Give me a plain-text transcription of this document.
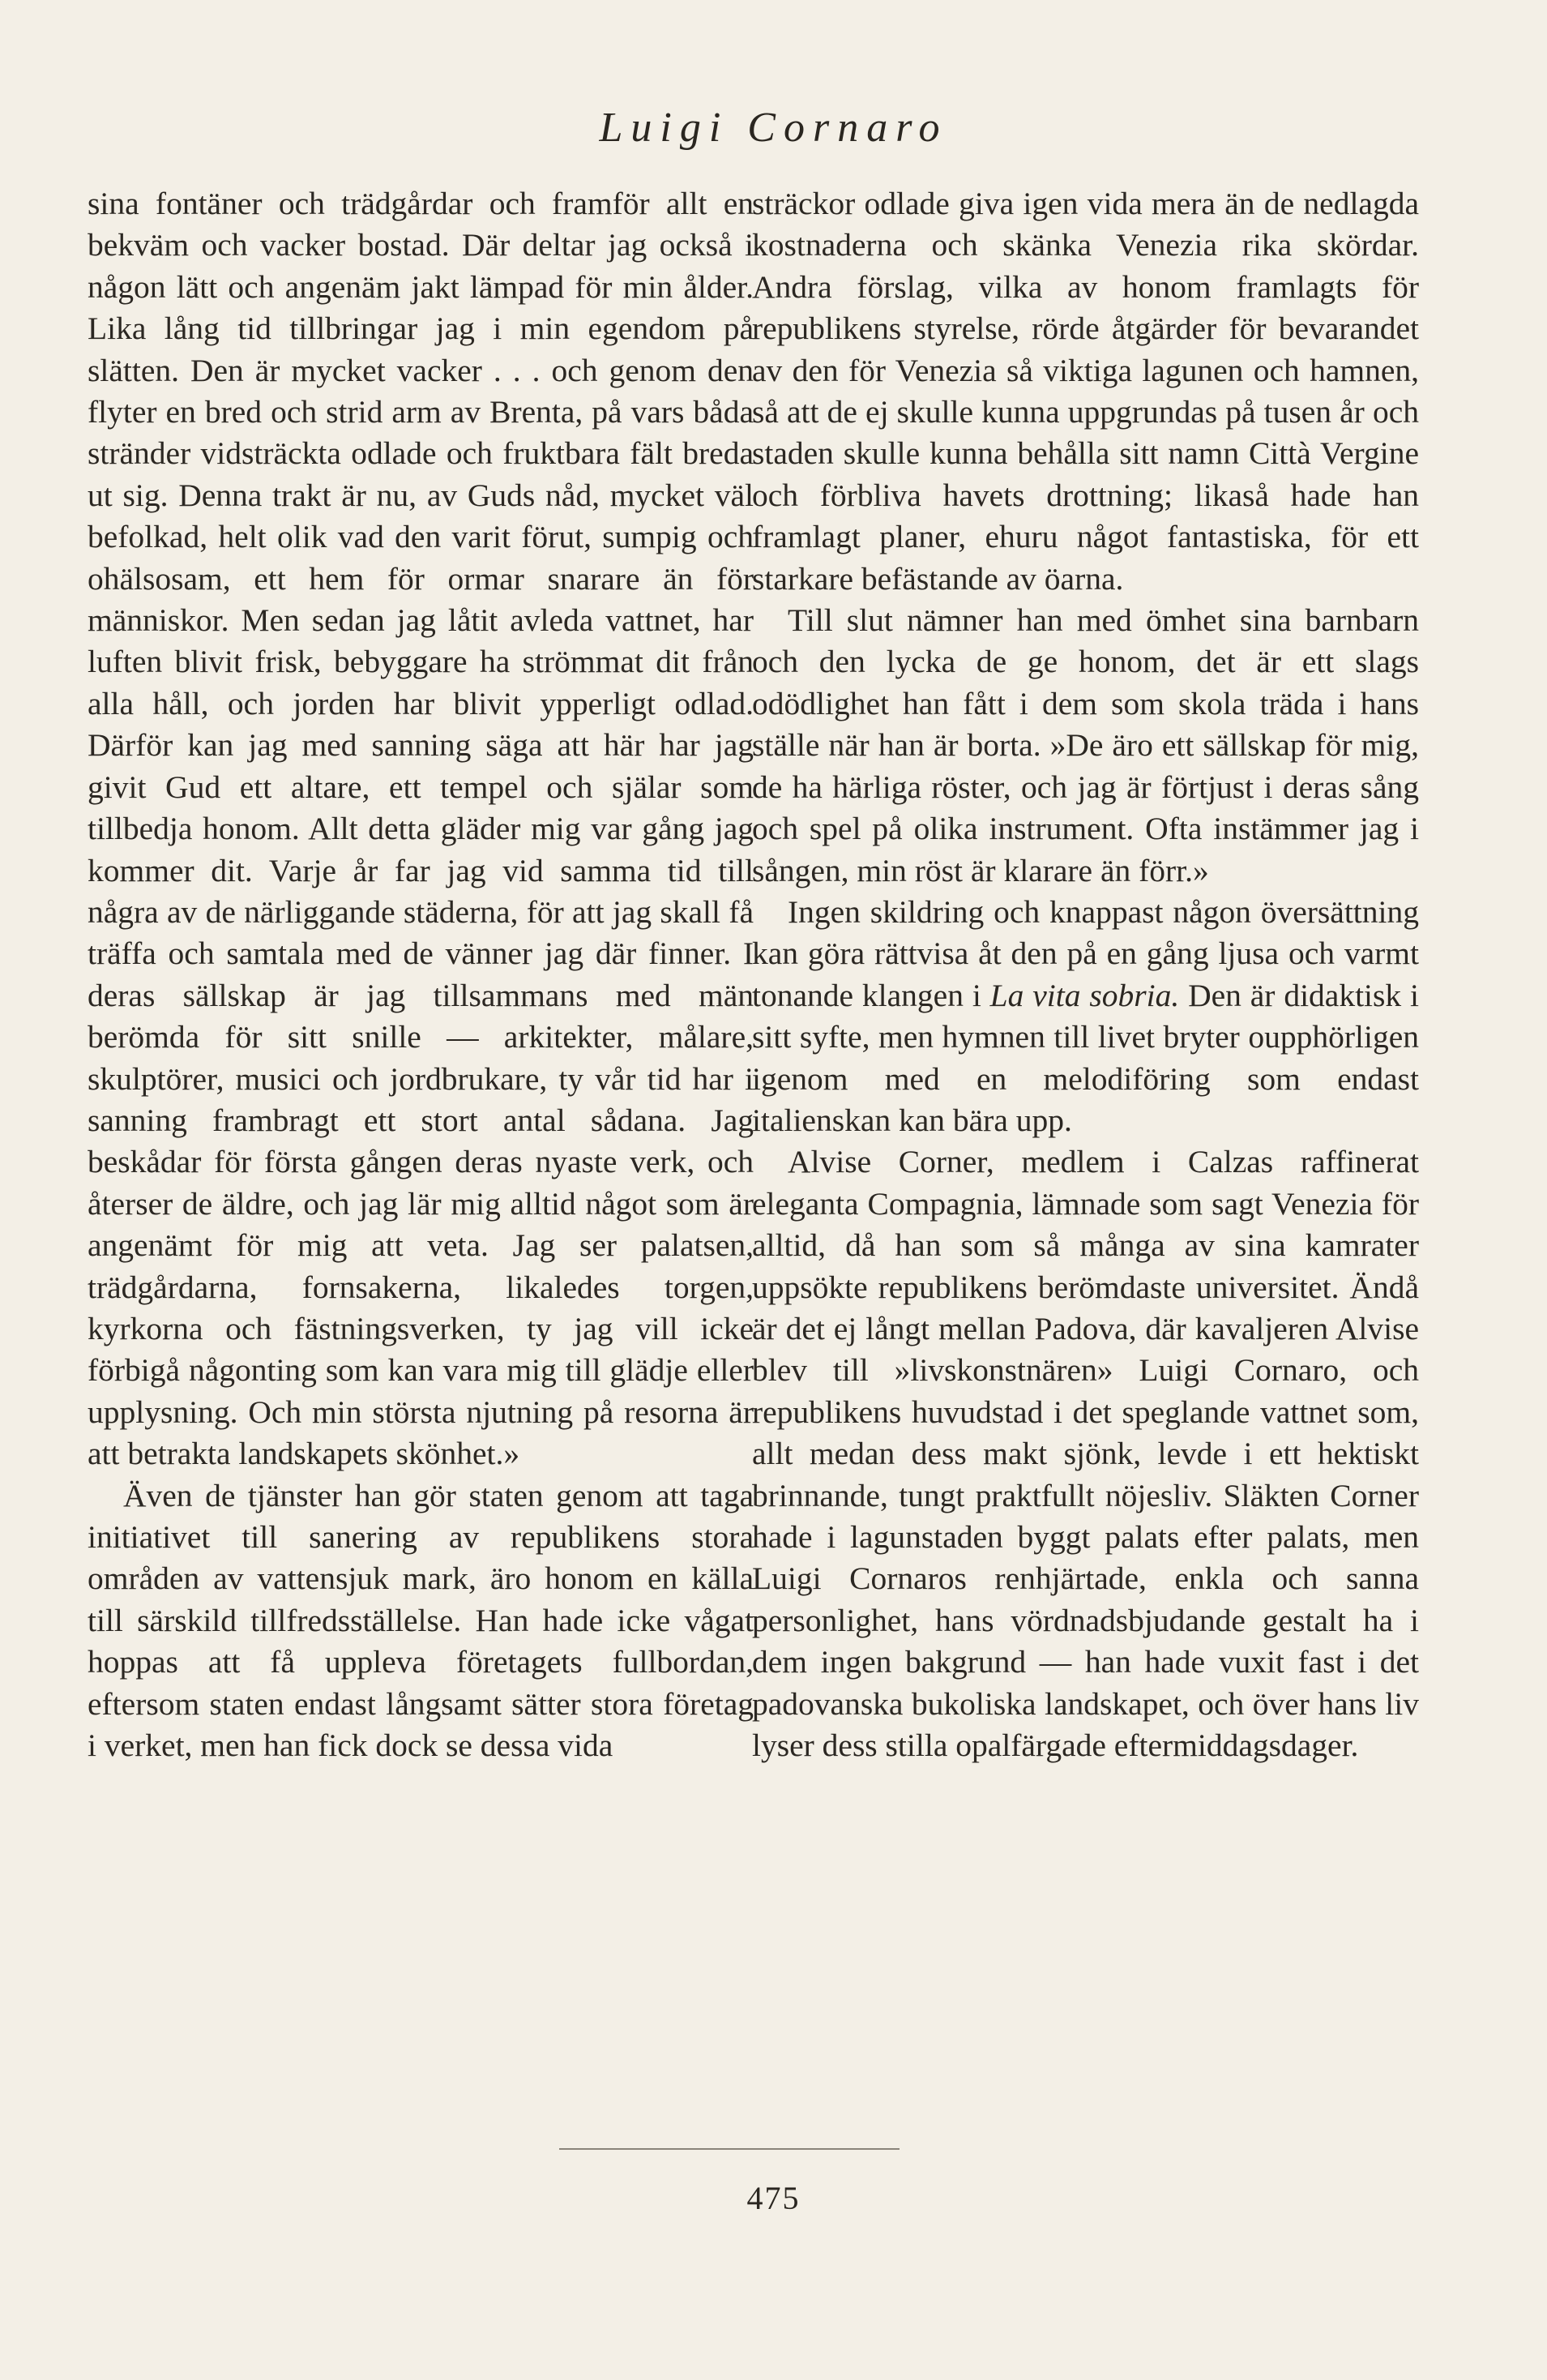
Luigi Cornaro

sina fontäner och trädgårdar och framför allt en bekväm och vacker bostad. Där deltar jag också i någon lätt och angenäm jakt lämpad för min ålder. Lika lång tid tillbringar jag i min egendom på slätten. Den är mycket vacker . . . och genom den flyter en bred och strid arm av Brenta, på vars båda stränder vidsträckta odlade och fruktbara fält breda ut sig. Denna trakt är nu, av Guds nåd, mycket väl befolkad, helt olik vad den varit förut, sumpig och ohälsosam, ett hem för ormar snarare än för människor. Men sedan jag låtit avleda vattnet, har luften blivit frisk, bebyggare ha strömmat dit från alla håll, och jorden har blivit ypperligt odlad. Därför kan jag med sanning säga att här har jag givit Gud ett altare, ett tempel och själar som tillbedja honom. Allt detta gläder mig var gång jag kommer dit. Varje år far jag vid samma tid till några av de närliggande städerna, för att jag skall få träffa och samtala med de vänner jag där finner. I deras sällskap är jag tillsammans med män berömda för sitt snille — arkitekter, målare, skulptörer, musici och jordbrukare, ty vår tid har i sanning frambragt ett stort antal sådana. Jag beskådar för första gången deras nyaste verk, och återser de äldre, och jag lär mig alltid något som är angenämt för mig att veta. Jag ser palatsen, trädgårdarna, fornsakerna, likaledes torgen, kyrkorna och fästningsverken, ty jag vill icke förbigå någonting som kan vara mig till glädje eller upplysning. Och min största njutning på resorna är att betrakta landskapets skönhet.»

Även de tjänster han gör staten genom att taga initiativet till sanering av republikens stora områden av vattensjuk mark, äro honom en källa till särskild tillfredsställelse. Han hade icke vågat hoppas att få uppleva företagets fullbordan, eftersom staten endast långsamt sätter stora företag i verket, men han fick dock se dessa vida

sträckor odlade giva igen vida mera än de nedlagda kostnaderna och skänka Venezia rika skördar. Andra förslag, vilka av honom framlagts för republikens styrelse, rörde åtgärder för bevarandet av den för Venezia så viktiga lagunen och hamnen, så att de ej skulle kunna uppgrundas på tusen år och staden skulle kunna behålla sitt namn Città Vergine och förbliva havets drottning; likaså hade han framlagt planer, ehuru något fantastiska, för ett starkare befästande av öarna.

Till slut nämner han med ömhet sina barnbarn och den lycka de ge honom, det är ett slags odödlighet han fått i dem som skola träda i hans ställe när han är borta. »De äro ett sällskap för mig, de ha härliga röster, och jag är förtjust i deras sång och spel på olika instrument. Ofta instämmer jag i sången, min röst är klarare än förr.»

Ingen skildring och knappast någon översättning kan göra rättvisa åt den på en gång ljusa och varmt tonande klangen i La vita sobria. Den är didaktisk i sitt syfte, men hymnen till livet bryter oupphörligen igenom med en melodiföring som endast italienskan kan bära upp.

Alvise Corner, medlem i Calzas raffinerat eleganta Compagnia, lämnade som sagt Venezia för alltid, då han som så många av sina kamrater uppsökte republikens berömdaste universitet. Ändå är det ej långt mellan Padova, där kavaljeren Alvise blev till »livskonstnären» Luigi Cornaro, och republikens huvudstad i det speglande vattnet som, allt medan dess makt sjönk, levde i ett hektiskt brinnande, tungt praktfullt nöjesliv. Släkten Corner hade i lagunstaden byggt palats efter palats, men Luigi Cornaros renhjärtade, enkla och sanna personlighet, hans vördnadsbjudande gestalt ha i dem ingen bakgrund — han hade vuxit fast i det padovanska bukoliska landskapet, och över hans liv lyser dess stilla opalfärgade eftermiddagsdager.

475
